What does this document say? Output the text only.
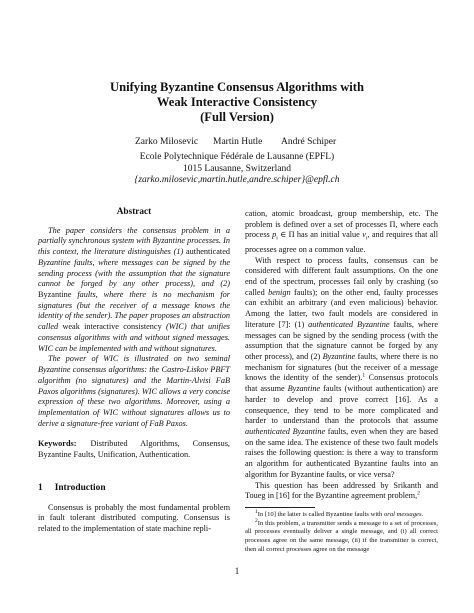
Unifying Byzantine Consensus Algorithms with
Weak Interactive Consistency
(Full Version)
Zarko Milosevic Martin Hutle André Schiper
Ecole Polytechnique Fédérale de Lausanne (EPFL)
1015 Lausanne, Switzerland
{zarko.milosevic,martin.hutle,andre.schiper}@epfl.ch
Abstract

The paper considers the consensus problem in a partially synchronous system with Byzantine processes. In this context, the literature distinguishes (1) authenticated Byzantine faults, where messages can be signed by the sending process (with the assumption that the signature cannot be forged by any other process), and (2) Byzantine faults, where there is no mechanism for signatures (but the receiver of a message knows the identity of the sender). The paper proposes an abstraction called weak interactive consistency (WIC) that unifies consensus algorithms with and without signed messages. WIC can be implemented with and without signatures.

The power of WIC is illustrated on two seminal Byzantine consensus algorithms: the Castro-Liskov PBFT algorithm (no signatures) and the Martin-Alvisi FaB Paxos algorithms (signatures). WIC allows a very concise expression of these two algorithms. Moreover, using a implementation of WIC without signatures allows us to derive a signature-free variant of FaB Paxos.

Keywords: Distributed Algorithms, Consensus, Byzantine Faults, Unification, Authentication.

1 Introduction

Consensus is probably the most fundamental problem in fault tolerant distributed computing. Consensus is related to the implementation of state machine repli-

cation, atomic broadcast, group membership, etc. The problem is defined over a set of processes Π, where each process $p_i$ ∈ Π has an initial value $v_i$, and requires that all processes agree on a common value.

With respect to process faults, consensus can be considered with different fault assumptions. On the one end of the spectrum, processes fail only by crashing (so called benign faults); on the other end, faulty processes can exhibit an arbitrary (and even malicious) behavior. Among the latter, two fault models are considered in literature [7]: (1) authenticated Byzantine faults, where messages can be signed by the sending process (with the assumption that the signature cannot be forged by any other process), and (2) Byzantine faults, where there is no mechanism for signatures (but the receiver of a message knows the identity of the sender).$^1$ Consensus protocols that assume Byzantine faults (without authentication) are harder to develop and prove correct [16]. As a consequence, they tend to be more complicated and harder to understand than the protocols that assume authenticated Byzantine faults, even when they are based on the same idea. The existence of these two fault models raises the following question: is there a way to transform an algorithm for authenticated Byzantine faults into an algorithm for Byzantine faults, or vice versa?

This question has been addressed by Srikanth and Toueg in [16] for the Byzantine agreement problem,$^2$

$^1$In [10] the latter is called Byzantine faults with oral messages.

$^2$In this problem, a transmitter sends a message to a set of processes, all processes eventually deliver a single message, and (i) all correct processes agree on the same message, (ii) if the transmitter is correct, then all correct processes agree on the message

1
